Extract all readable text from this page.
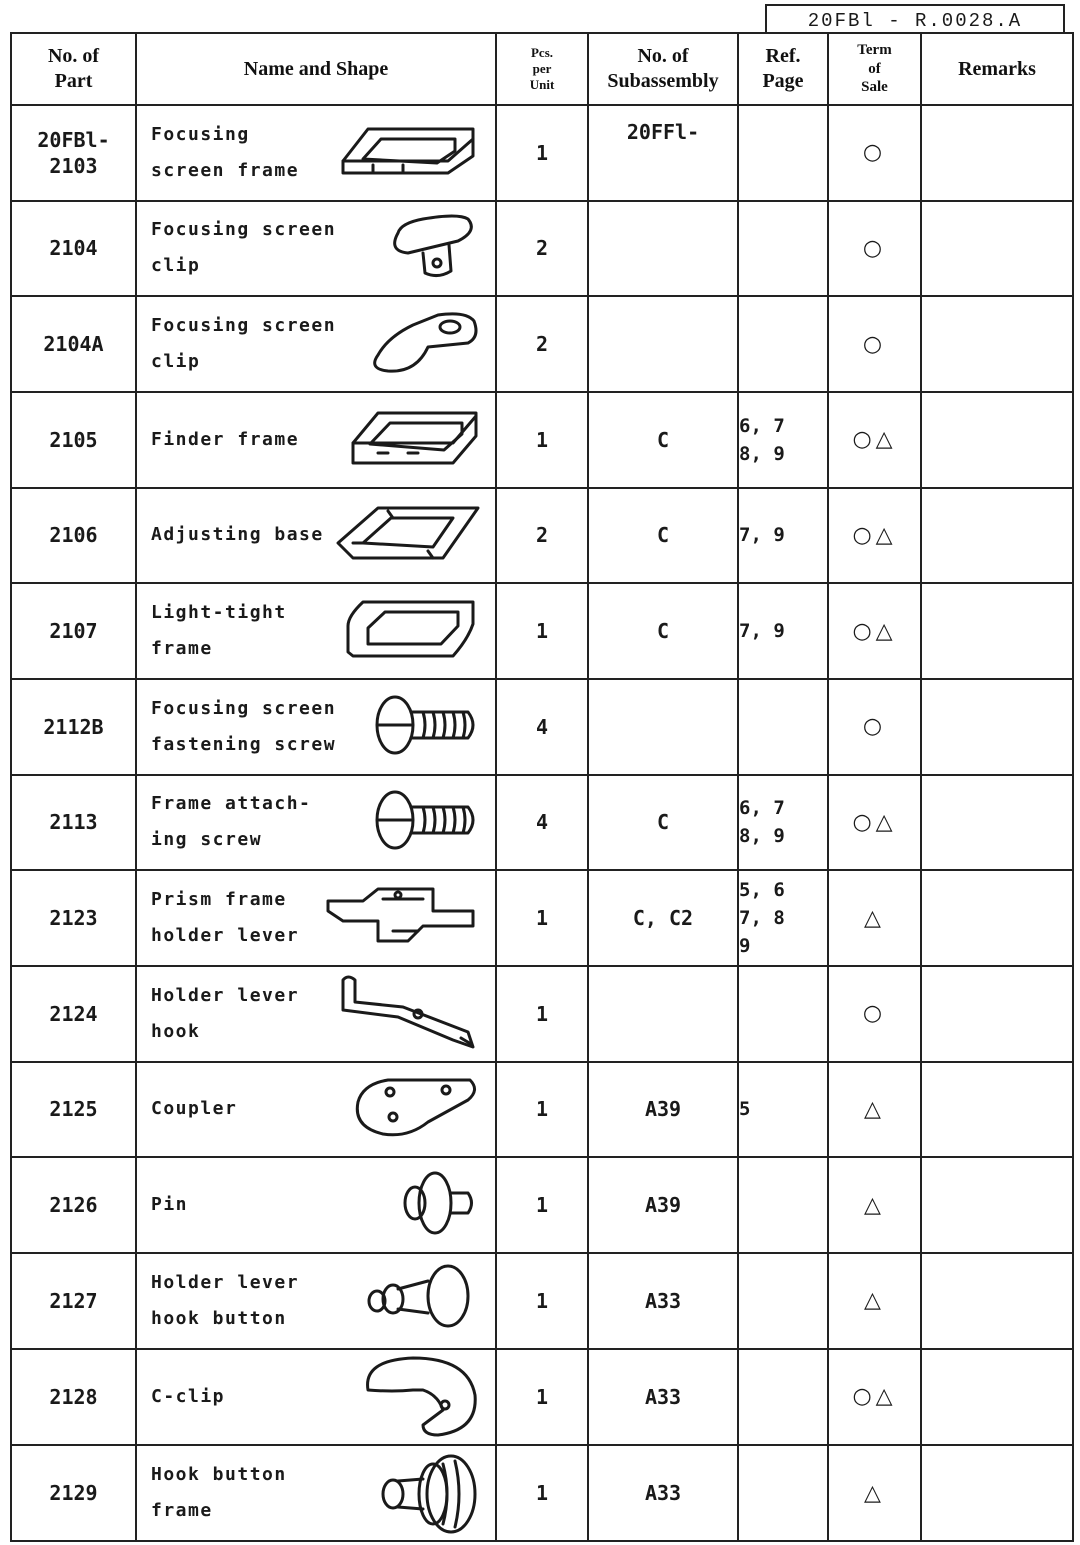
20FBl - R.0028.A
No. of
Part	Name and Shape	Pcs.
per
Unit	No. of
Subassembly	Ref.
Page	Term
of
Sale	Remarks
20FBl-
2103	Focusing
screen frame	1	20FFl-		○	
2104	Focusing screen
clip	2			○	
2104A	Focusing screen
clip	2			○	
2105	Finder frame	1	C	6, 7
8, 9	○△	
2106	Adjusting base	2	C	7, 9	○△	
2107	Light-tight
frame	1	C	7, 9	○△	
2112B	Focusing screen
fastening screw	4			○	
2113	Frame attach-
ing screw	4	C	6, 7
8, 9	○△	
2123	Prism frame
holder lever	1	C, C2	5, 6
7, 8
9	△	
2124	Holder lever
hook	1			○	
2125	Coupler	1	A39	5	△	
2126	Pin	1	A39		△	
2127	Holder lever
hook button	1	A33		△	
2128	C-clip	1	A33		○△	
2129	Hook button
frame	1	A33		△	
